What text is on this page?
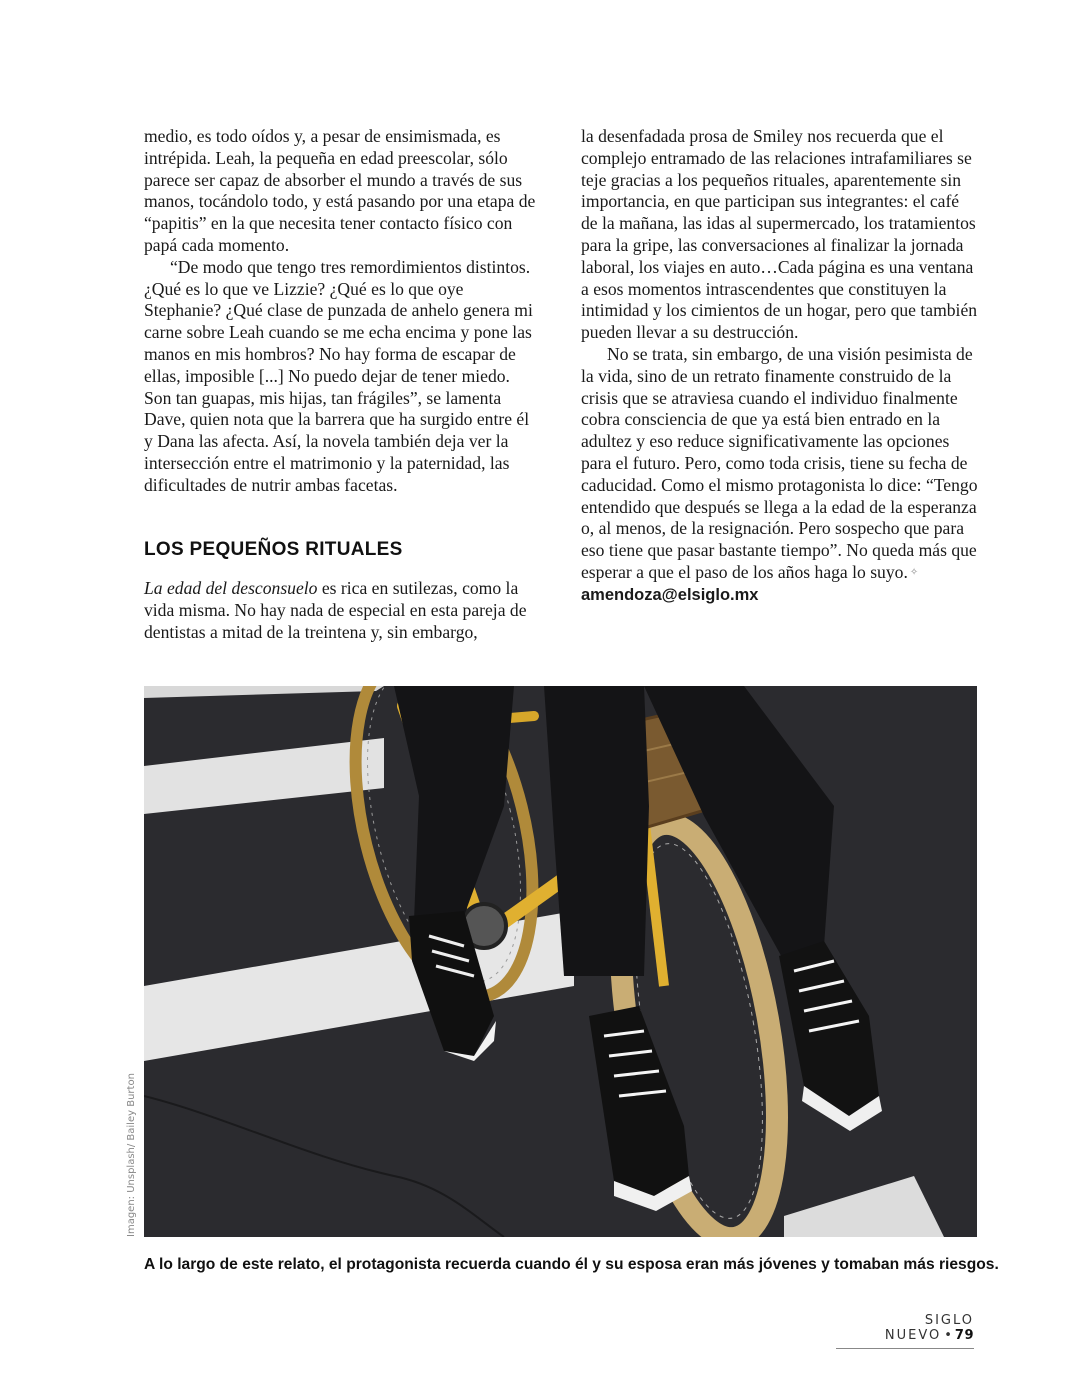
medio, es todo oídos y, a pesar de ensimismada, es intrépida. Leah, la pequeña en edad preescolar, sólo parece ser capaz de absorber el mundo a través de sus manos, tocándolo todo, y está pasando por una etapa de “papitis” en la que necesita tener contacto físico con papá cada momento.

“De modo que tengo tres remordimientos distintos. ¿Qué es lo que ve Lizzie? ¿Qué es lo que oye Stephanie? ¿Qué clase de punzada de anhelo genera mi carne sobre Leah cuando se me echa encima y pone las manos en mis hombros? No hay forma de escapar de ellas, imposible [...] No puedo dejar de tener miedo. Son tan guapas, mis hijas, tan frágiles”, se lamenta Dave, quien nota que la barrera que ha surgido entre él y Dana las afecta. Así, la novela también deja ver la intersección entre el matrimonio y la paternidad, las dificultades de nutrir ambas facetas.

LOS PEQUEÑOS RITUALES

La edad del desconsuelo es rica en sutilezas, como la vida misma. No hay nada de especial en esta pareja de dentistas a mitad de la treintena y, sin embargo,

la desenfadada prosa de Smiley nos recuerda que el complejo entramado de las relaciones intrafamiliares se teje gracias a los pequeños rituales, aparentemente sin importancia, en que participan sus integrantes: el café de la mañana, las idas al supermercado, los tratamientos para la gripe, las conversaciones al finalizar la jornada laboral, los viajes en auto…Cada página es una ventana a esos momentos intrascendentes que constituyen la intimidad y los cimientos de un hogar, pero que también pueden llevar a su destrucción.

No se trata, sin embargo, de una visión pesimista de la vida, sino de un retrato finamente construido de la crisis que se atraviesa cuando el individuo finalmente cobra consciencia de que ya está bien entrado en la adultez y eso reduce significativamente las opciones para el futuro. Pero, como toda crisis, tiene su fecha de caducidad. Como el mismo protagonista lo dice: “Tengo entendido que después se llega a la edad de la esperanza o, al menos, de la resignación. Pero sospecho que para eso tiene que pasar bastante tiempo”. No queda más que esperar a que el paso de los años haga lo suyo. ✧

amendoza@elsiglo.mx
Imagen: Unsplash/ Bailey Burton
A lo largo de este relato, el protagonista recuerda cuando él y su esposa eran más jóvenes y tomaban más riesgos.
SIGLO NUEVO • 79
